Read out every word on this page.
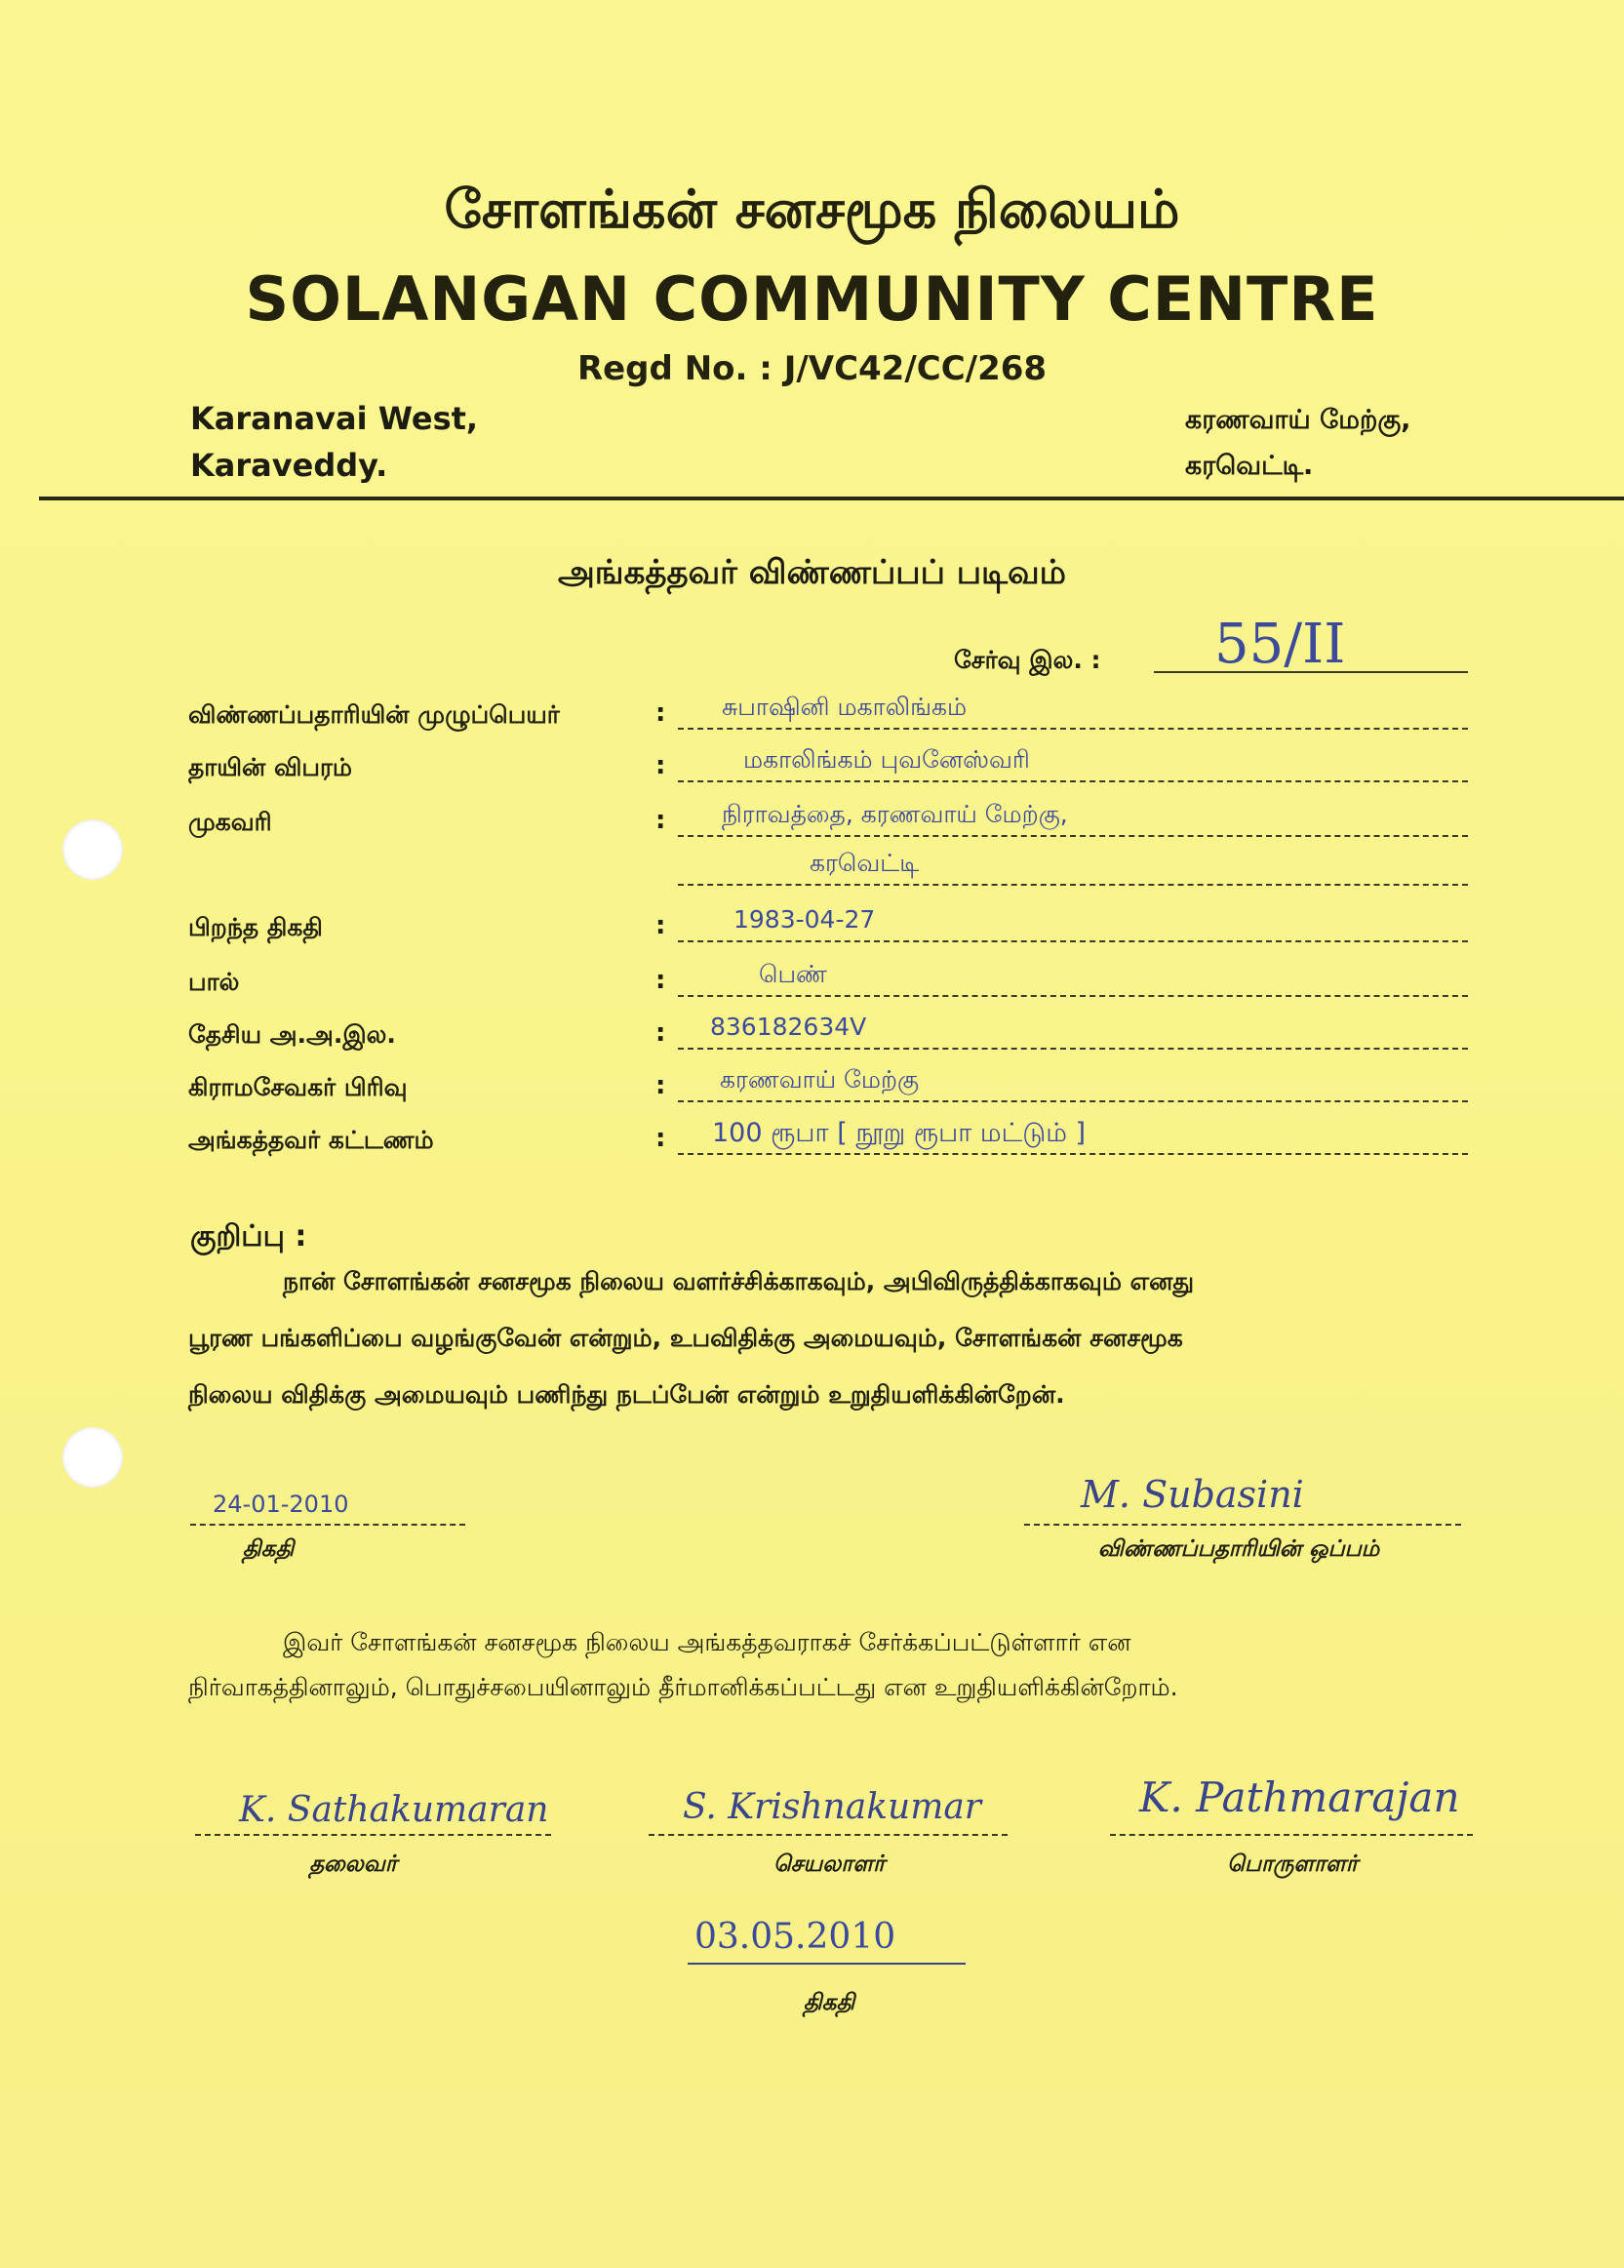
சோளங்கன் சனசமூக நிலையம்
SOLANGAN COMMUNITY CENTRE
Regd No. : J/VC42/CC/268
Karanavai West,
Karaveddy.
கரணவாய் மேற்கு,
கரவெட்டி.
அங்கத்தவர் விண்ணப்பப் படிவம்
சேர்வு இல. : 55/II
விண்ணப்பதாரியின் முழுப்பெயர்	: சுபாஷினி மகாலிங்கம்
தாயின் விபரம்	:	மகாலிங்கம் புவனேஸ்வரி
முகவரி	: நிராவத்தை, கரணவாய் மேற்கு,
கரவெட்டி
பிறந்த திகதி	:	1983-04-27
பால்	:	பெண்
தேசிய அ.அ.இல.	: 836182634V
கிராமசேவகர் பிரிவு	: கரணவாய் மேற்கு
அங்கத்தவர் கட்டணம்	: 100 ரூபா [ நூறு ரூபா மட்டும் ]
குறிப்பு :
நான் சோளங்கன் சனசமூக நிலைய வளர்ச்சிக்காகவும், அபிவிருத்திக்காகவும் எனது
பூரண பங்களிப்பை வழங்குவேன் என்றும், உபவிதிக்கு அமையவும், சோளங்கன் சனசமூக
நிலைய விதிக்கு அமையவும் பணிந்து நடப்பேன் என்றும் உறுதியளிக்கின்றேன்.
24-01-2010
திகதி
M. Subasini
விண்ணப்பதாரியின் ஒப்பம்
இவர் சோளங்கன் சனசமூக நிலைய அங்கத்தவராகச் சேர்க்கப்பட்டுள்ளார் என
நிர்வாகத்தினாலும், பொதுச்சபையினாலும் தீர்மானிக்கப்பட்டது என உறுதியளிக்கின்றோம்.
K. Sathakumaran
தலைவர்
S. Krishnakumar
செயலாளர்
K. Pathmarajan
பொருளாளர்
03.05.2010
திகதி
